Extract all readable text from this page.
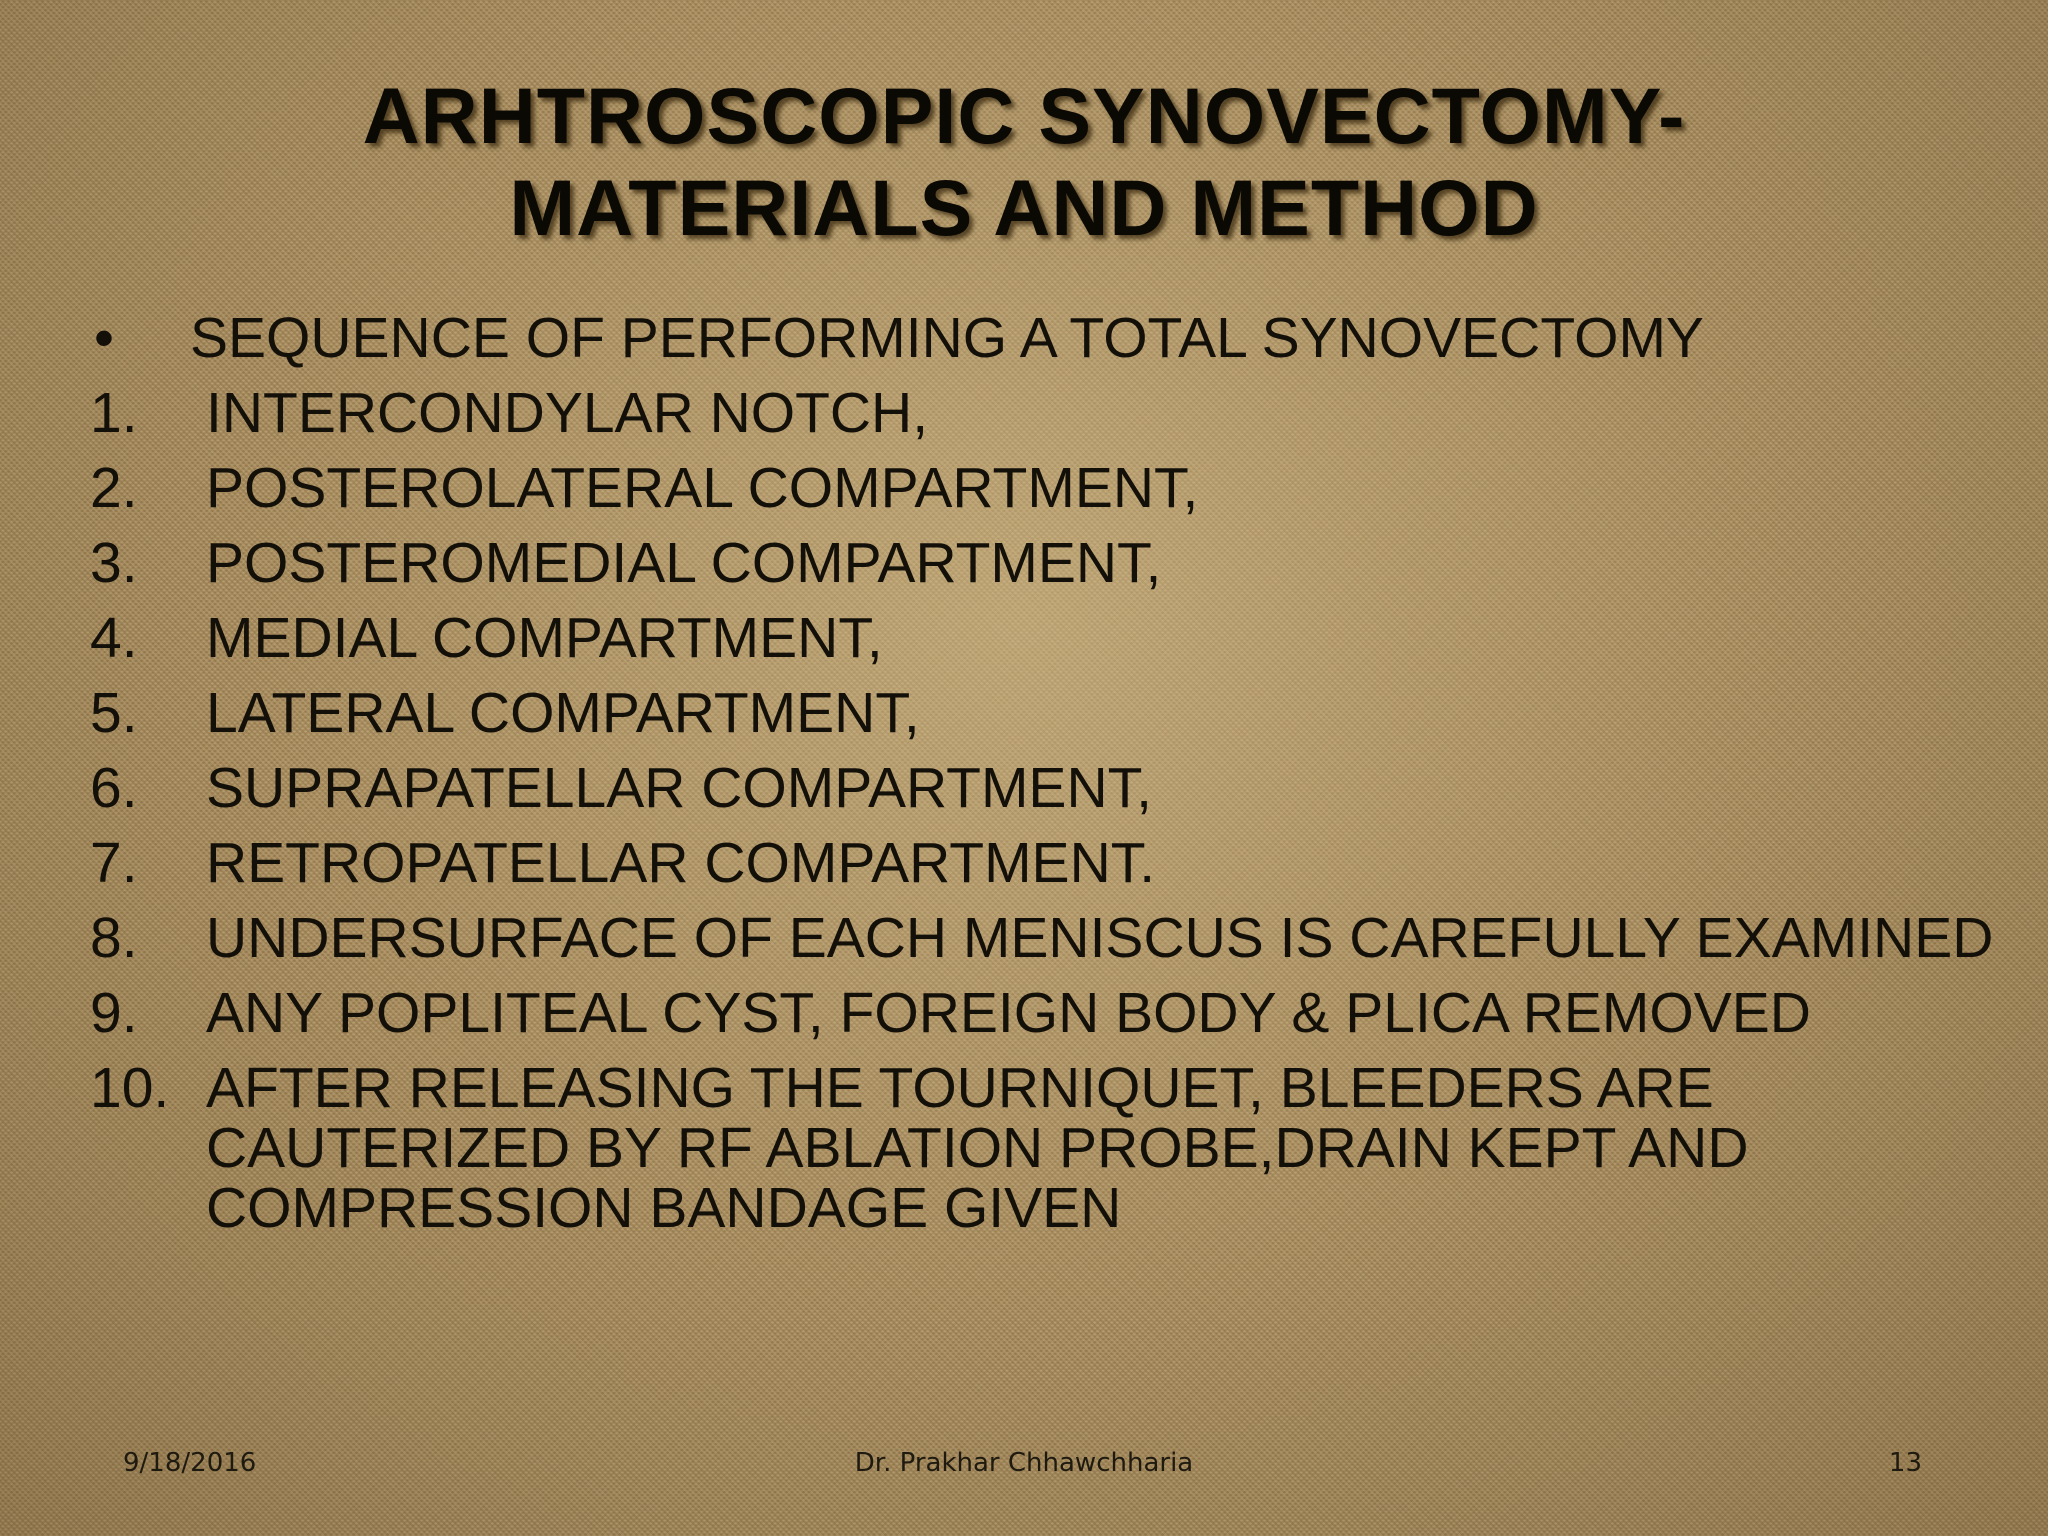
ARHTROSCOPIC SYNOVECTOMY-
MATERIALS AND METHOD
•	SEQUENCE OF PERFORMING A TOTAL SYNOVECTOMY
1.	INTERCONDYLAR NOTCH,
2.	POSTEROLATERAL COMPARTMENT,
3.	POSTEROMEDIAL COMPARTMENT,
4.	MEDIAL COMPARTMENT,
5.	LATERAL COMPARTMENT,
6.	SUPRAPATELLAR COMPARTMENT,
7.	RETROPATELLAR COMPARTMENT.
8.	UNDERSURFACE OF EACH MENISCUS IS CAREFULLY EXAMINED
9.	ANY POPLITEAL CYST, FOREIGN BODY & PLICA REMOVED
10. AFTER RELEASING THE TOURNIQUET, BLEEDERS ARE CAUTERIZED BY RF ABLATION PROBE,DRAIN KEPT AND COMPRESSION BANDAGE GIVEN
9/18/2016	Dr. Prakhar Chhawchharia	13
